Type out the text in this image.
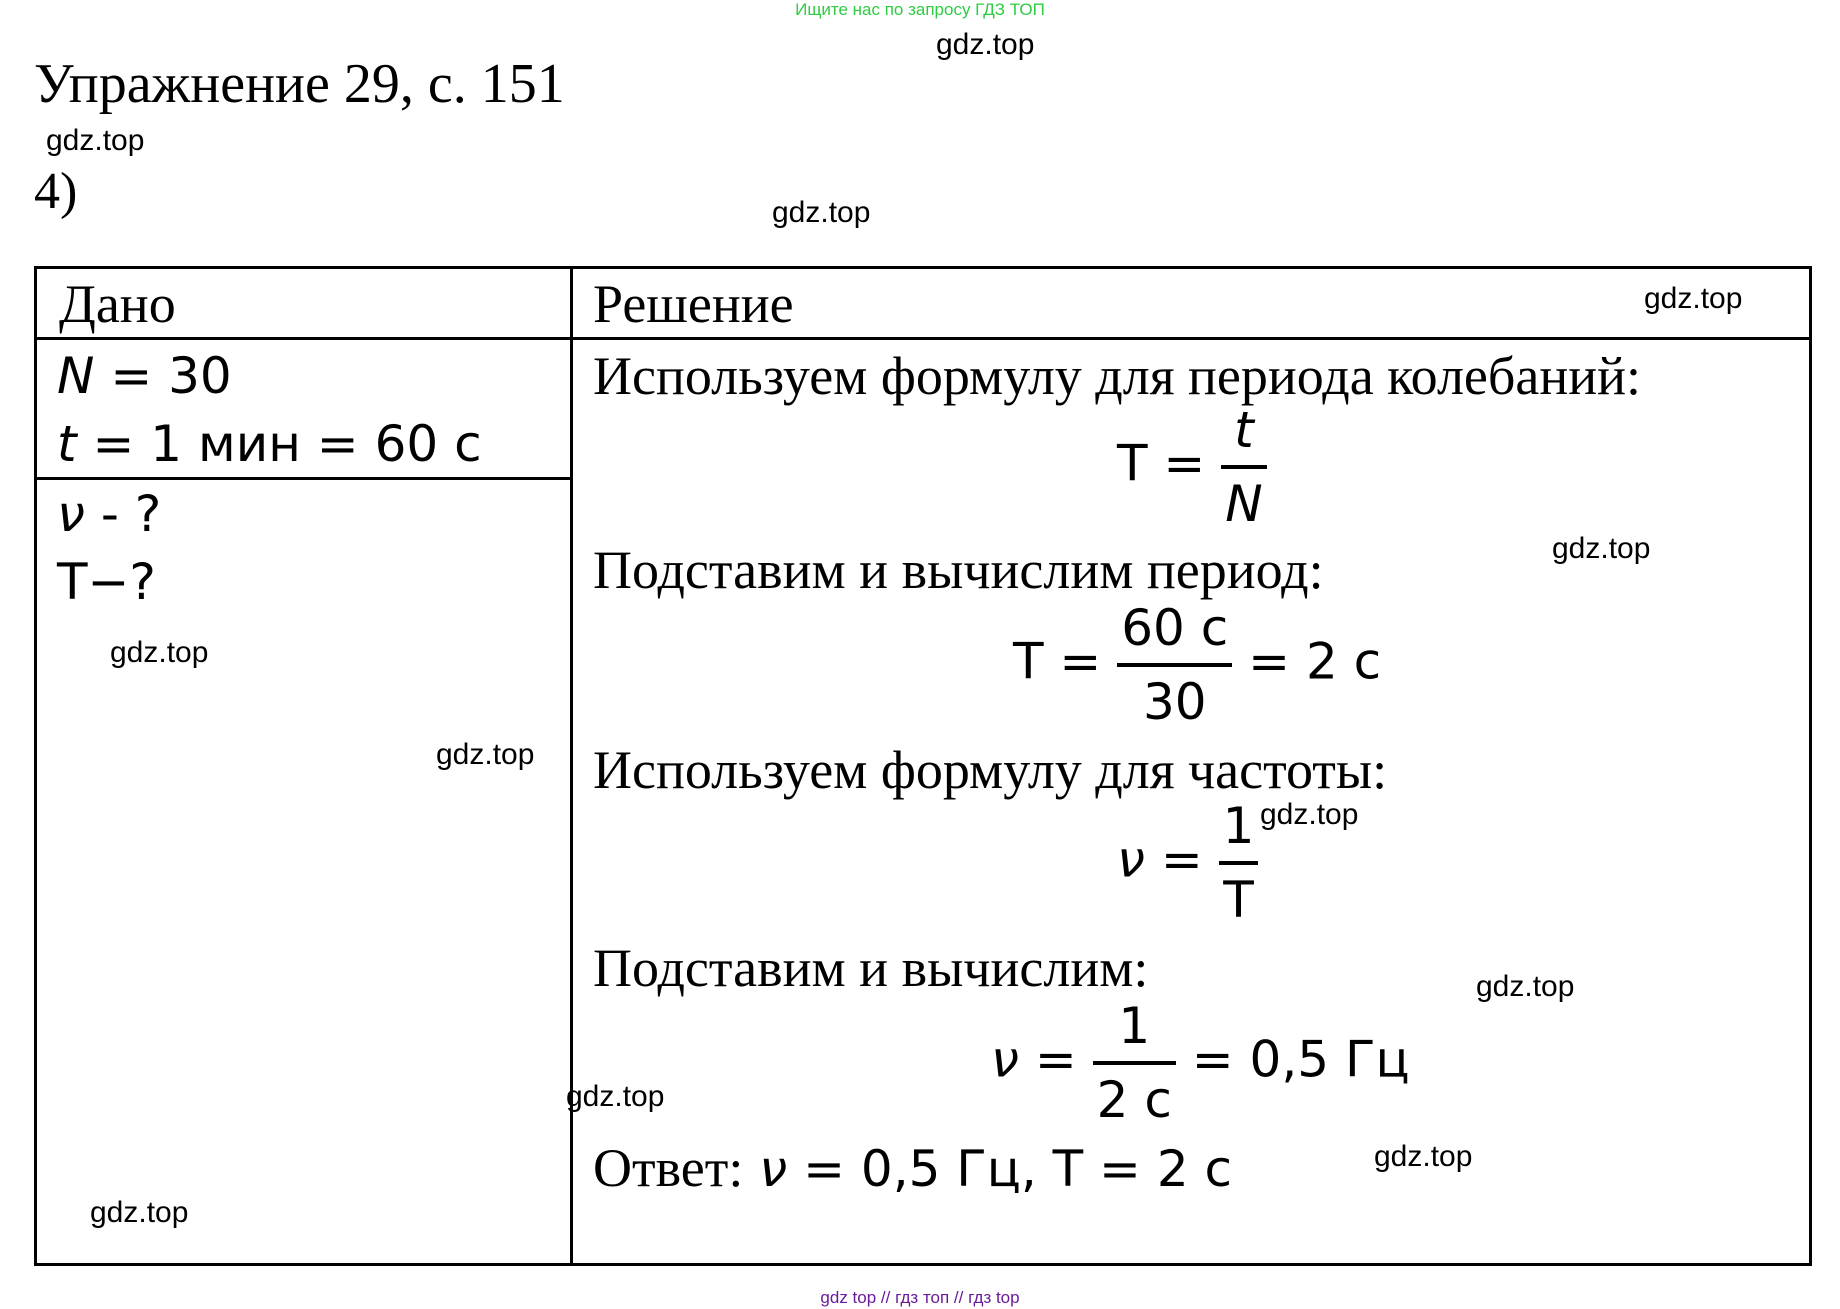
Ищите нас по запросу ГДЗ ТОП
gdz.top
Упражнение 29, с. 151
gdz.top
4)	gdz.top
Дано	Решение
N = 30
t = 1 мин = 60 с
ν - ?
Т−?
Используем формулу для периода колебаний:
$Т = \frac{t}{N}$
Подставим и вычислим период:
$Т = \frac{60 с}{30} = 2$ с
Используем формулу для частоты:
$\nu = \frac{1}{Т}$
Подставим и вычислим:
$\nu = \frac{1}{2 с} = 0,5$ Гц
Ответ: ν = 0,5 Гц, Т = 2 с
gdz.top
gdz.top
gdz.top
gdz.top
gdz.top
gdz.top
gdz.top
gdz.top
gdz.top
gdz top // гдз топ // гдз top
